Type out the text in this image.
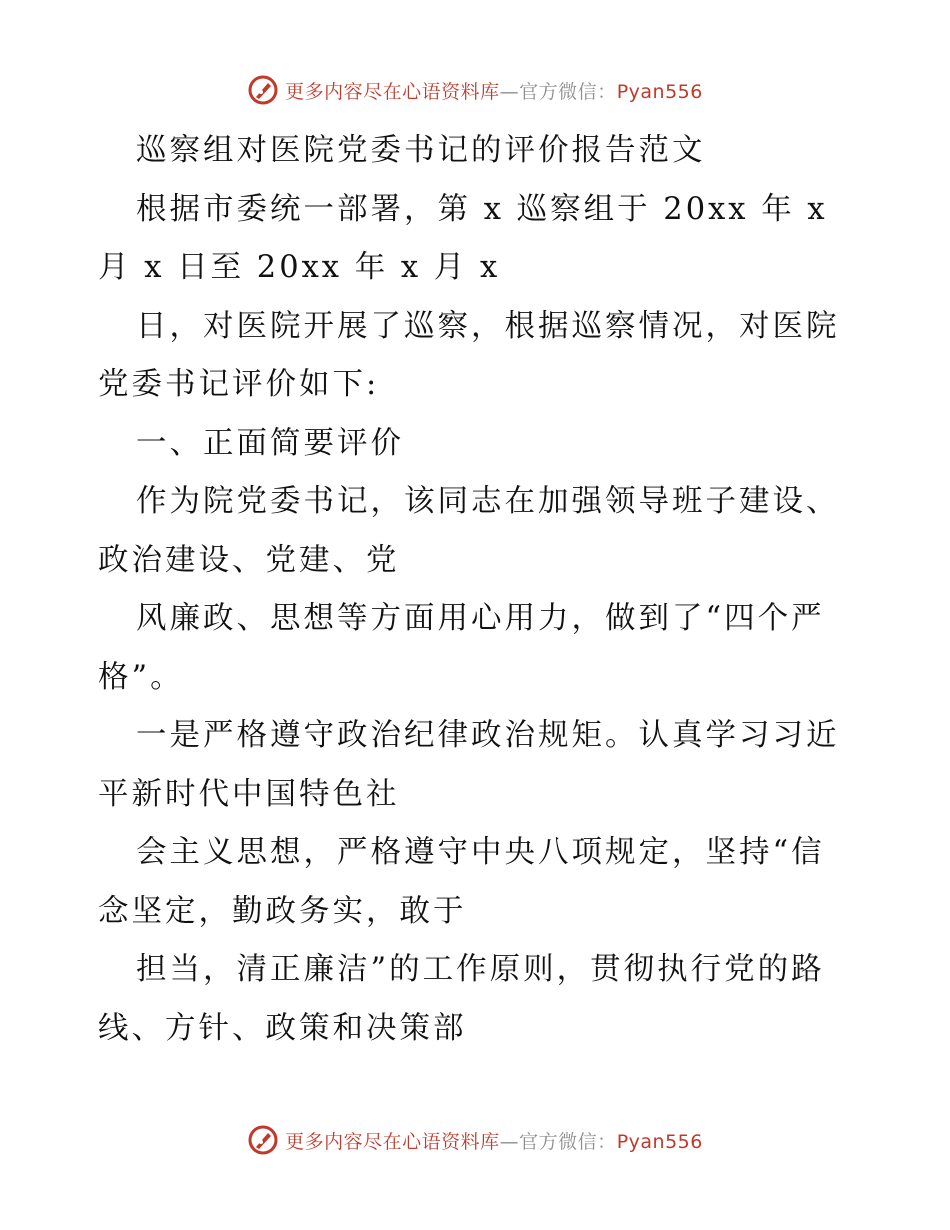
更多内容尽在心语资料库—官方微信：Pyan556
巡察组对医院党委书记的评价报告范文
根据市委统一部署，第 x 巡察组于 20xx 年 x
月 x 日至 20xx 年 x 月 x
日，对医院开展了巡察，根据巡察情况，对医院
党委书记评价如下:
一、正面简要评价
作为院党委书记，该同志在加强领导班子建设、
政治建设、党建、党
风廉政、思想等方面用心用力，做到了“四个严
格”。
一是严格遵守政治纪律政治规矩。认真学习习近
平新时代中国特色社
会主义思想，严格遵守中央八项规定，坚持“信
念坚定，勤政务实，敢于
担当，清正廉洁”的工作原则，贯彻执行党的路
线、方针、政策和决策部
更多内容尽在心语资料库—官方微信：Pyan556
